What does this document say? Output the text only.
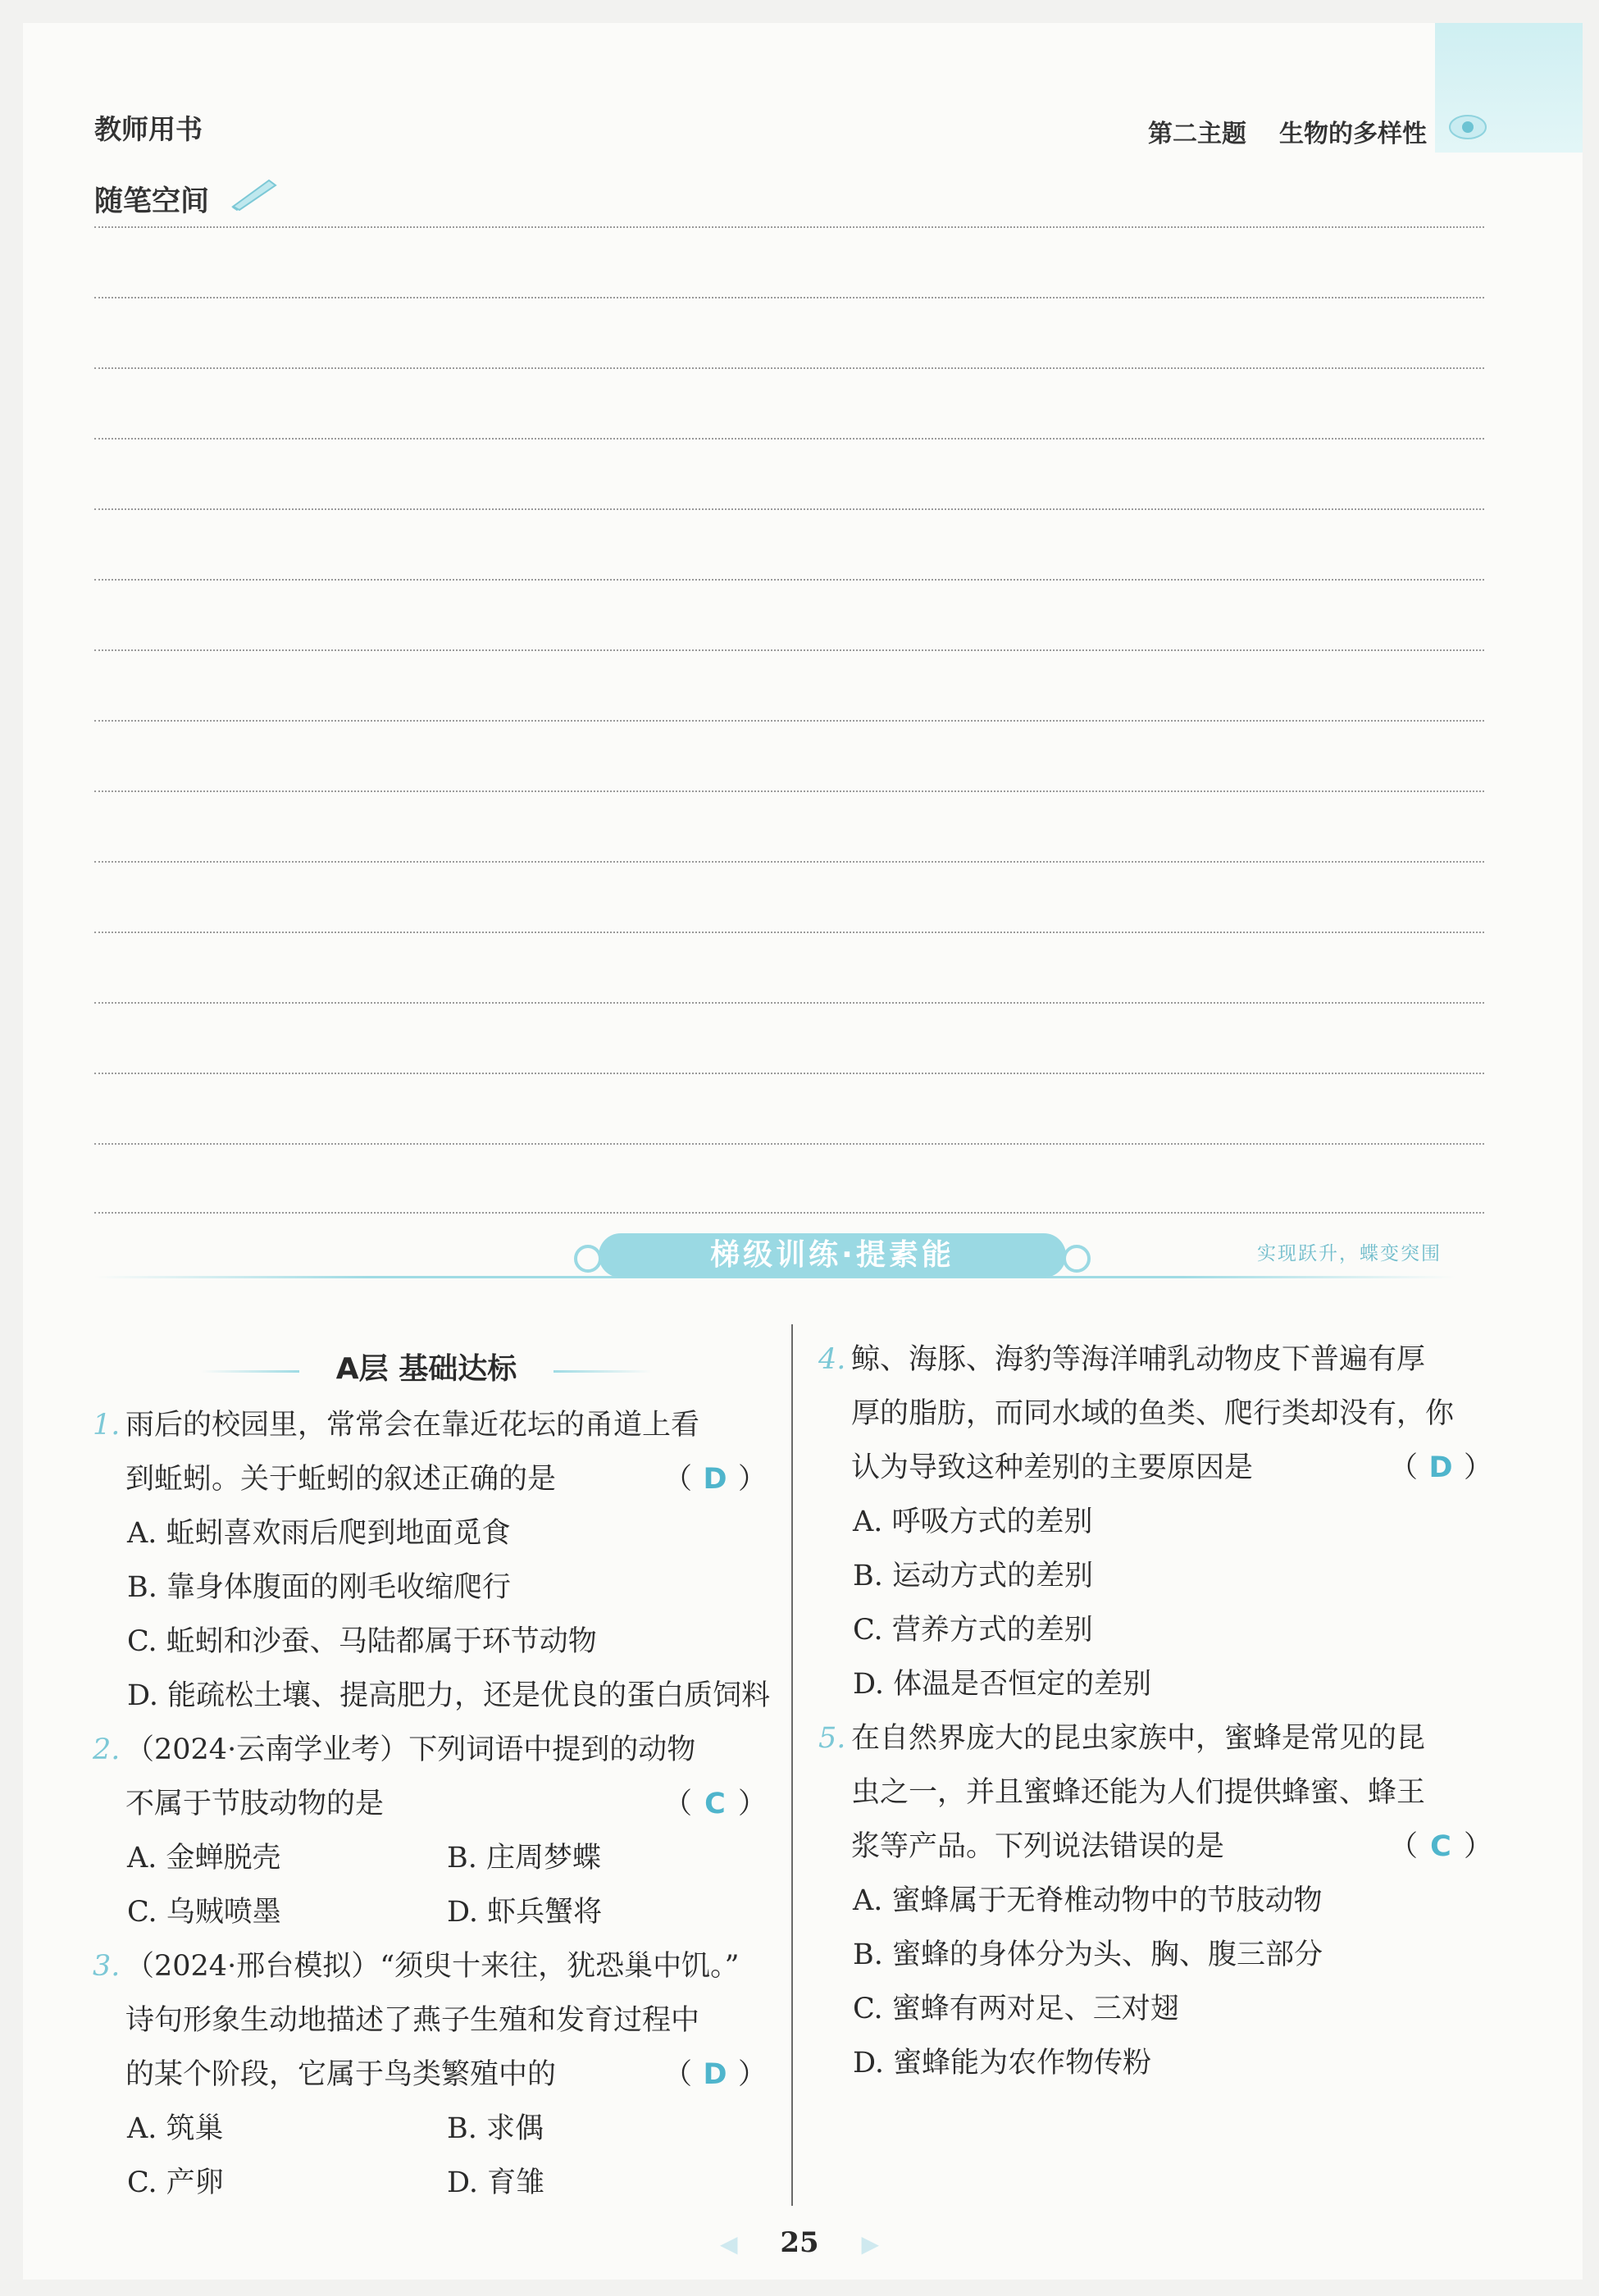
教师用书	第二主题 生物的多样性
随笔空间
梯级训练·提素能	实现跃升，蝶变突围
A层 基础达标
1. 雨后的校园里，常常会在靠近花坛的甬道上看
到蚯蚓。关于蚯蚓的叙述正确的是	（ D ）
A. 蚯蚓喜欢雨后爬到地面觅食
B. 靠身体腹面的刚毛收缩爬行
C. 蚯蚓和沙蚕、马陆都属于环节动物
D. 能疏松土壤、提高肥力，还是优良的蛋白质饲料
2. （2024·云南学业考）下列词语中提到的动物
不属于节肢动物的是	（ C ）
A. 金蝉脱壳	B. 庄周梦蝶
C. 乌贼喷墨	D. 虾兵蟹将
3. （2024·邢台模拟）“须臾十来往，犹恐巢中饥。”
诗句形象生动地描述了燕子生殖和发育过程中
的某个阶段，它属于鸟类繁殖中的	（ D ）
A. 筑巢	B. 求偶
C. 产卵	D. 育雏
4. 鲸、海豚、海豹等海洋哺乳动物皮下普遍有厚
厚的脂肪，而同水域的鱼类、爬行类却没有，你
认为导致这种差别的主要原因是	（ D ）
A. 呼吸方式的差别
B. 运动方式的差别
C. 营养方式的差别
D. 体温是否恒定的差别
5. 在自然界庞大的昆虫家族中，蜜蜂是常见的昆
虫之一，并且蜜蜂还能为人们提供蜂蜜、蜂王
浆等产品。下列说法错误的是	（ C ）
A. 蜜蜂属于无脊椎动物中的节肢动物
B. 蜜蜂的身体分为头、胸、腹三部分
C. 蜜蜂有两对足、三对翅
D. 蜜蜂能为农作物传粉
◀ 25 ▶
